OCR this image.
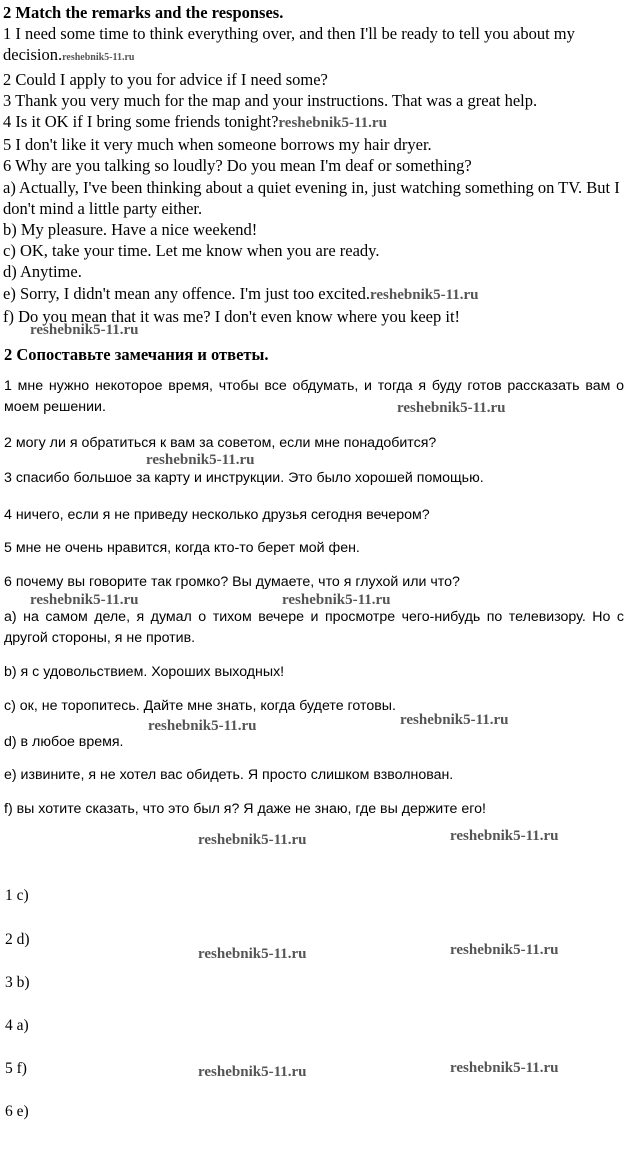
2 Match the remarks and the responses.

1 I need some time to think everything over, and then I'll be ready to tell you about my decision.reshebnik5-11.ru

2 Could I apply to you for advice if I need some?

3 Thank you very much for the map and your instructions. That was a great help.

4 Is it OK if I bring some friends tonight?reshebnik5-11.ru

5 I don't like it very much when someone borrows my hair dryer.

6 Why are you talking so loudly? Do you mean I'm deaf or something?

a) Actually, I've been thinking about a quiet evening in, just watching something on TV. But I don't mind a little party either.

b) My pleasure. Have a nice weekend!

c) OK, take your time. Let me know when you are ready.

d) Anytime.

e) Sorry, I didn't mean any offence. I'm just too excited.reshebnik5-11.ru

f) Do you mean that it was me? I don't even know where you keep it!

reshebnik5-11.ru

2 Сопоставьте замечания и ответы.

1 мне нужно некоторое время, чтобы все обдумать, и тогда я буду готов рассказать вам о моем решении.	reshebnik5-11.ru

2 могу ли я обратиться к вам за советом, если мне понадобится?

reshebnik5-11.ru

3 спасибо большое за карту и инструкции. Это было хорошей помощью.

4 ничего, если я не приведу несколько друзья сегодня вечером?

5 мне не очень нравится, когда кто-то берет мой фен.

6 почему вы говорите так громко? Вы думаете, что я глухой или что?

reshebnik5-11.ru	reshebnik5-11.ru

a) на самом деле, я думал о тихом вечере и просмотре чего-нибудь по телевизору. Но с другой стороны, я не против.

b) я с удовольствием. Хороших выходных!

c) ок, не торопитесь. Дайте мне знать, когда будете готовы.

reshebnik5-11.ru	reshebnik5-11.ru

d) в любое время.

e) извините, я не хотел вас обидеть. Я просто слишком взволнован.

f) вы хотите сказать, что это был я? Я даже не знаю, где вы держите его!

reshebnik5-11.ru	reshebnik5-11.ru

1 c)

2 d)

reshebnik5-11.ru	reshebnik5-11.ru

3 b)

4 a)

5 f)	reshebnik5-11.ru	reshebnik5-11.ru

6 e)
